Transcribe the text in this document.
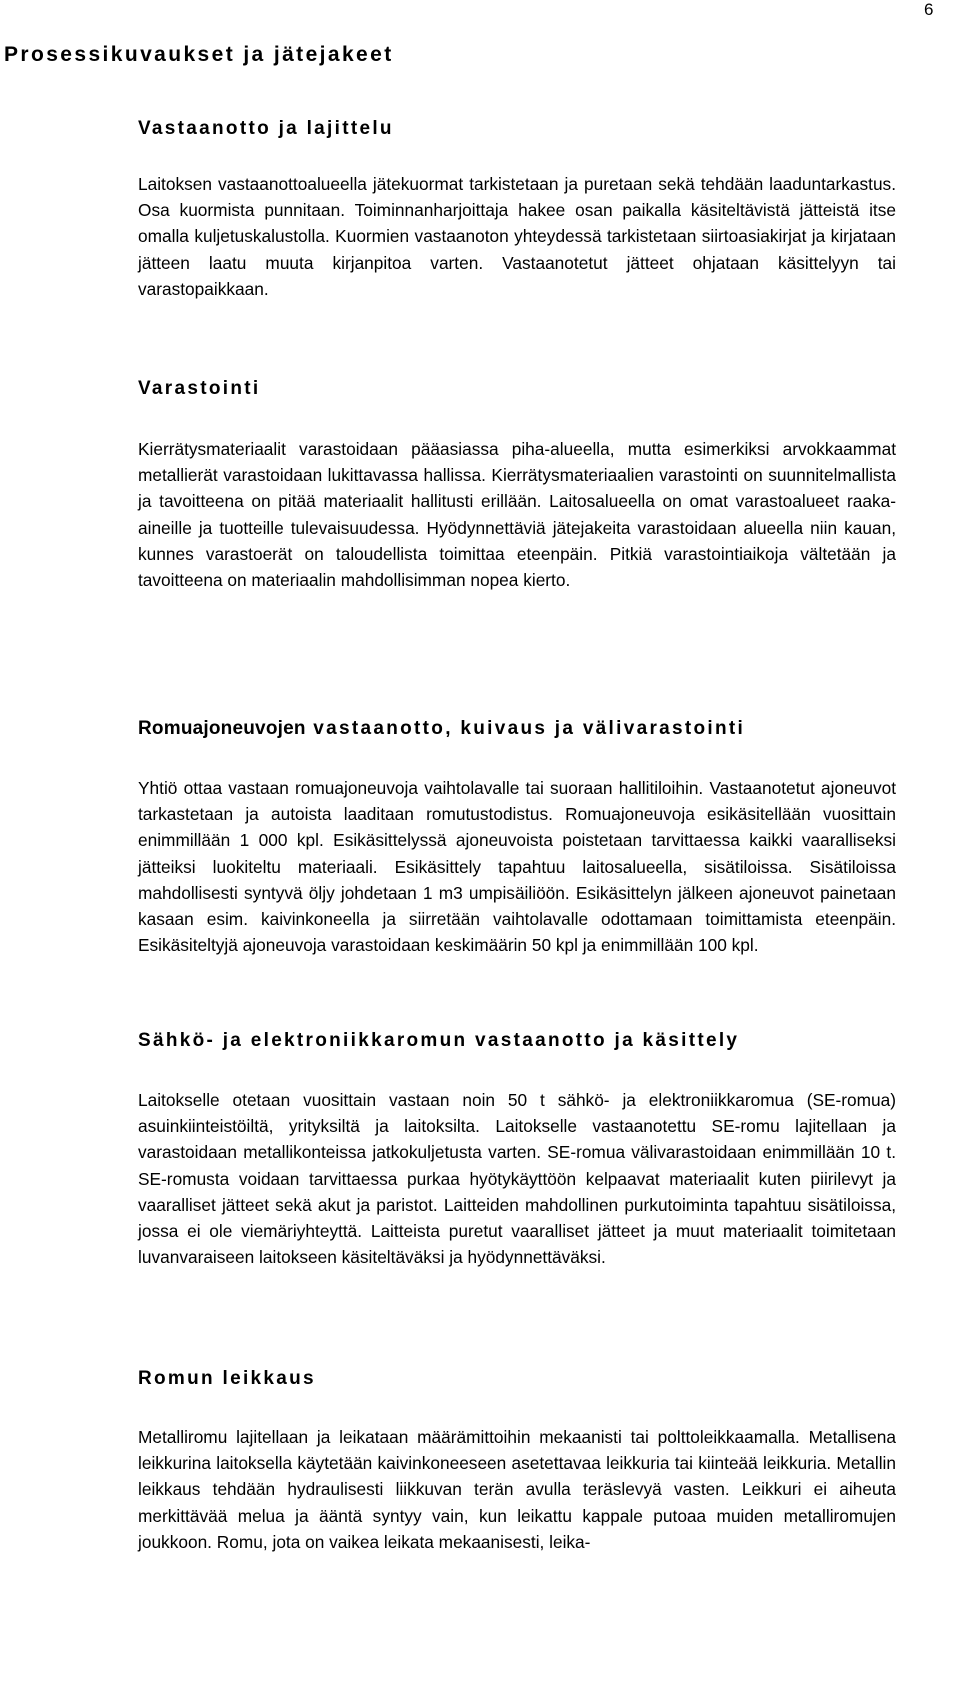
6
Prosessikuvaukset ja jätejakeet
Vastaanotto ja lajittelu

Laitoksen vastaanottoalueella jätekuormat tarkistetaan ja puretaan sekä tehdään laaduntarkastus. Osa kuormista punnitaan. Toiminnanharjoittaja hakee osan paikalla käsiteltävistä jätteistä itse omalla kuljetuskalustolla. Kuormien vastaanoton yhteydessä tarkistetaan siirtoasiakirjat ja kirjataan jätteen laatu muuta kirjanpitoa varten. Vastaanotetut jätteet ohjataan käsittelyyn tai varastopaikkaan.

Varastointi

Kierrätysmateriaalit varastoidaan pääasiassa piha-alueella, mutta esimerkiksi arvokkaammat metallierät varastoidaan lukittavassa hallissa. Kierrätysmateriaalien varastointi on suunnitelmallista ja tavoitteena on pitää materiaalit hallitusti erillään. Laitosalueella on omat varastoalueet raaka-aineille ja tuotteille tulevaisuudessa. Hyödynnettäviä jätejakeita varastoidaan alueella niin kauan, kunnes varastoerät on taloudellista toimittaa eteenpäin. Pitkiä varastointiaikoja vältetään ja tavoitteena on materiaalin mahdollisimman nopea kierto.

Romuajoneuvojen vastaanotto, kuivaus ja välivarastointi

Yhtiö ottaa vastaan romuajoneuvoja vaihtolavalle tai suoraan hallitiloihin. Vastaanotetut ajoneuvot tarkastetaan ja autoista laaditaan romutustodistus. Romuajoneuvoja esikäsitellään vuosittain enimmillään 1 000 kpl. Esikäsittelyssä ajoneuvoista poistetaan tarvittaessa kaikki vaaralliseksi jätteiksi luokiteltu materiaali. Esikäsittely tapahtuu laitosalueella, sisätiloissa. Sisätiloissa mahdollisesti syntyvä öljy johdetaan 1 m3 umpisäiliöön. Esikäsittelyn jälkeen ajoneuvot painetaan kasaan esim. kaivinkoneella ja siirretään vaihtolavalle odottamaan toimittamista eteenpäin. Esikäsiteltyjä ajoneuvoja varastoidaan keskimäärin 50 kpl ja enimmillään 100 kpl.

Sähkö- ja elektroniikkaromun vastaanotto ja käsittely

Laitokselle otetaan vuosittain vastaan noin 50 t sähkö- ja elektroniikkaromua (SE-romua) asuinkiinteistöiltä, yrityksiltä ja laitoksilta. Laitokselle vastaanotettu SE-romu lajitellaan ja varastoidaan metallikonteissa jatkokuljetusta varten. SE-romua välivarastoidaan enimmillään 10 t. SE-romusta voidaan tarvittaessa purkaa hyötykäyttöön kelpaavat materiaalit kuten piirilevyt ja vaaralliset jätteet sekä akut ja paristot. Laitteiden mahdollinen purkutoiminta tapahtuu sisätiloissa, jossa ei ole viemäriyhteyttä. Laitteista puretut vaaralliset jätteet ja muut materiaalit toimitetaan luvanvaraiseen laitokseen käsiteltäväksi ja hyödynnettäväksi.

Romun leikkaus

Metalliromu lajitellaan ja leikataan määrämittoihin mekaanisti tai polttoleikkaamalla. Metallisena leikkurina laitoksella käytetään kaivinkoneeseen asetettavaa leikkuria tai kiinteää leikkuria. Metallin leikkaus tehdään hydraulisesti liikkuvan terän avulla teräslevyä vasten. Leikkuri ei aiheuta merkittävää melua ja ääntä syntyy vain, kun leikattu kappale putoaa muiden metalliromujen joukkoon. Romu, jota on vaikea leikata mekaanisesti, leika-
